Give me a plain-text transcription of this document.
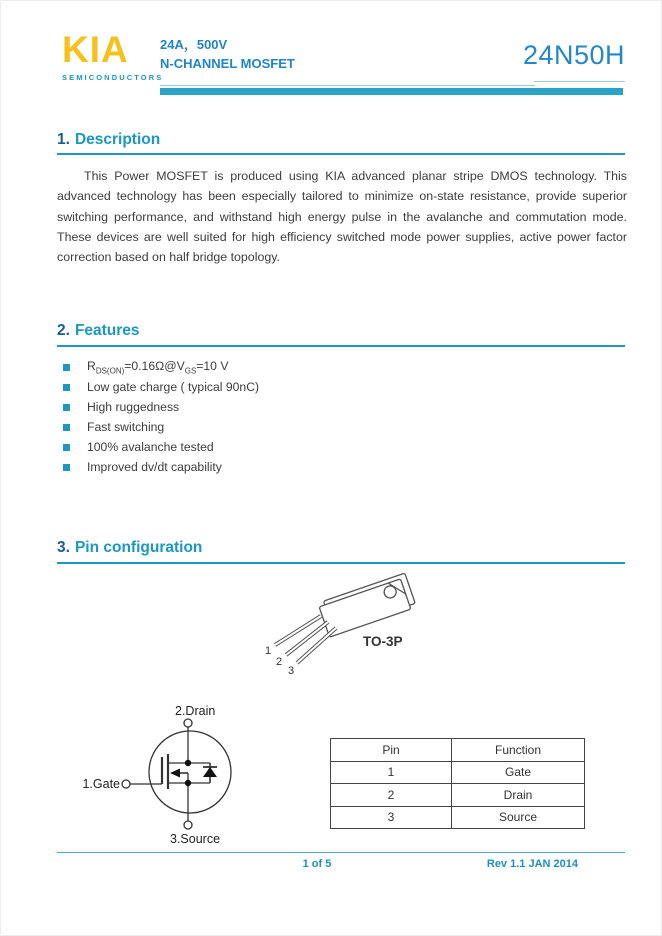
KIA
SEMICONDUCTORS
24A，500V
N-CHANNEL MOSFET	24N50H
1. Description
This Power MOSFET is produced using KIA advanced planar stripe DMOS technology. This advanced technology has been especially tailored to minimize on-state resistance, provide superior switching performance, and withstand high energy pulse in the avalanche and commutation mode. These devices are well suited for high efficiency switched mode power supplies, active power factor correction based on half bridge topology.
2. Features
$R_{DS(ON)}=0.16\Omega@V_{GS}=10$ V
Low gate charge ( typical 90nC)
High ruggedness
Fast switching
100% avalanche tested
Improved dv/dt capability
3. Pin configuration
1
2
3
TO-3P
2.Drain
1.Gate
3.Source
Pin	Function
1	Gate
2	Drain
3	Source
1 of 5	Rev 1.1 JAN 2014
